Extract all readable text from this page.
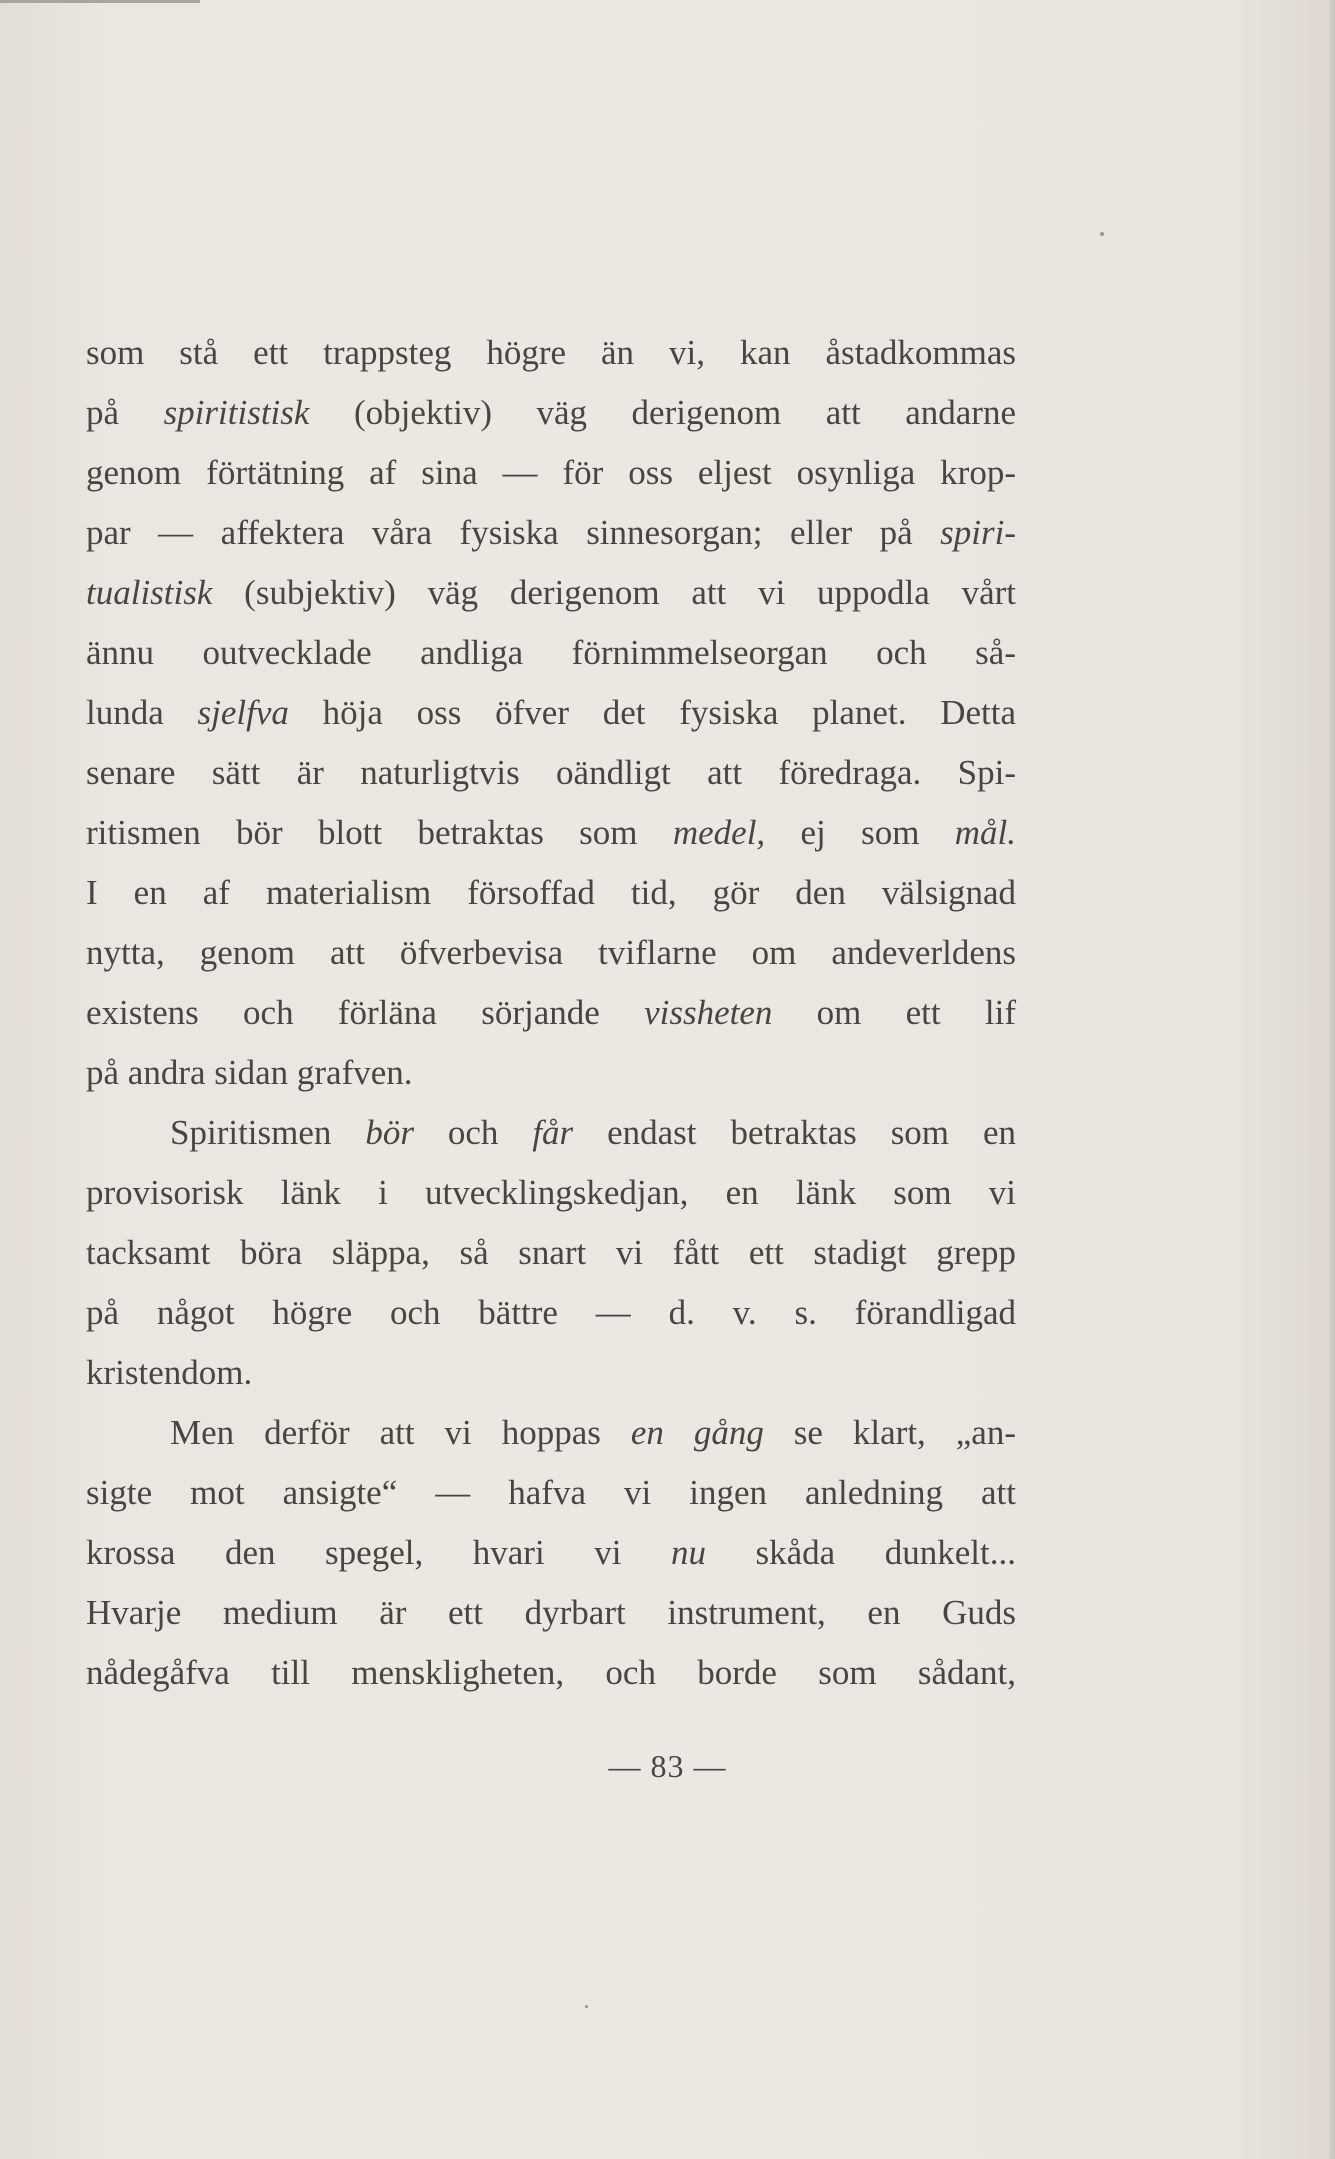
som stå ett trappsteg högre än vi, kan åstadkommas
på spiritistisk (objektiv) väg derigenom att andarne
genom förtätning af sina — för oss eljest osynliga krop-
par — affektera våra fysiska sinnesorgan; eller på spiri-
tualistisk (subjektiv) väg derigenom att vi uppodla vårt
ännu outvecklade andliga förnimmelseorgan och så-
lunda sjelfva höja oss öfver det fysiska planet. Detta
senare sätt är naturligtvis oändligt att föredraga. Spi-
ritismen bör blott betraktas som medel, ej som mål.
I en af materialism försoffad tid, gör den välsignad
nytta, genom att öfverbevisa tviflarne om andeverldens
existens och förläna sörjande vissheten om ett lif
på andra sidan grafven.
Spiritismen bör och får endast betraktas som en
provisorisk länk i utvecklingskedjan, en länk som vi
tacksamt böra släppa, så snart vi fått ett stadigt grepp
på något högre och bättre — d. v. s. förandligad
kristendom.
Men derför att vi hoppas en gång se klart, „an-
sigte mot ansigte“ — hafva vi ingen anledning att
krossa den spegel, hvari vi nu skåda dunkelt...
Hvarje medium är ett dyrbart instrument, en Guds
nådegåfva till menskligheten, och borde som sådant,
— 83 —
